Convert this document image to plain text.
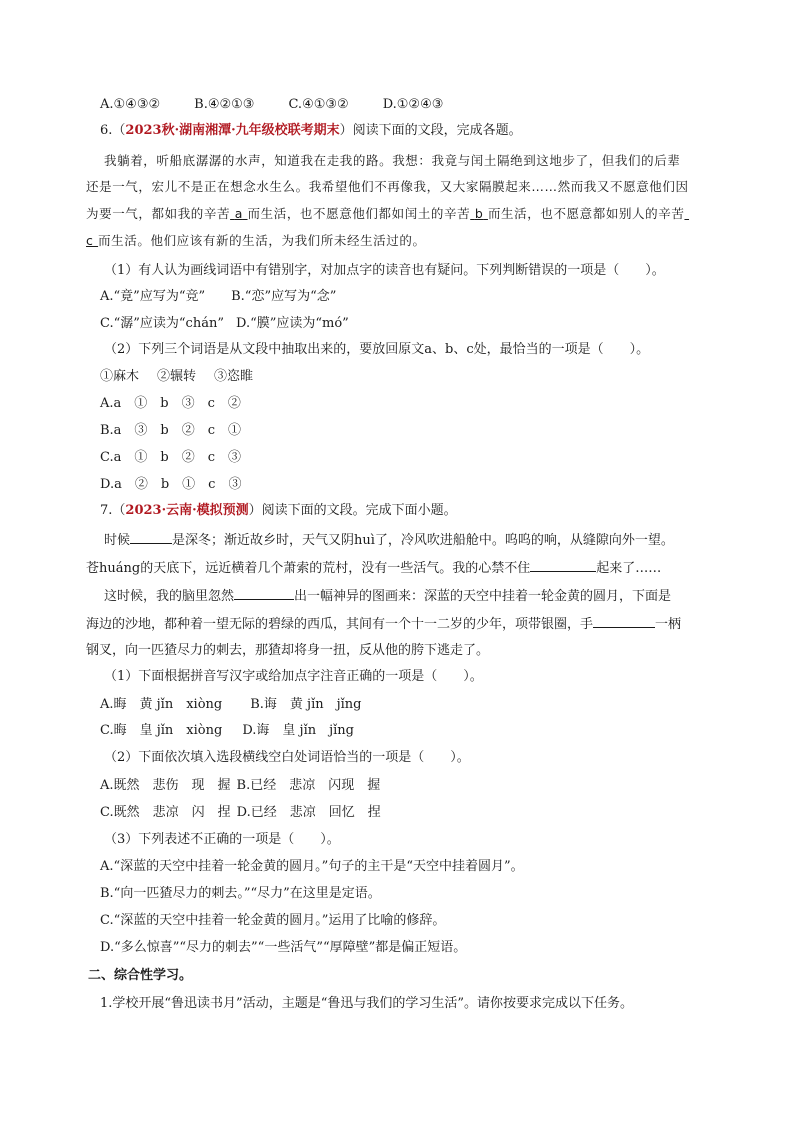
A.①④③②	B.④②①③	C.④①③②	D.①②④③
6.（2023秋·湖南湘潭·九年级校联考期末）阅读下面的文段，完成各题。
我躺着，听船底潺潺的水声，知道我在走我的路。我想：我竟与闰土隔绝到这地步了，但我们的后辈
还是一气，宏儿不是正在想念水生么。我希望他们不再像我，又大家隔膜起来……然而我又不愿意他们因
为要一气，都如我的辛苦 a 而生活，也不愿意他们都如闰土的辛苦 b 而生活，也不愿意都如别人的辛苦
c 而生活。他们应该有新的生活，为我们所未经生活过的。
（1）有人认为画线词语中有错别字，对加点字的读音也有疑问。下列判断错误的一项是（　　）。
A.“竟”应写为“竞” B.“恋”应写为“念”
C.“潺”应读为“chán” D.“膜”应读为“mó”
（2）下列三个词语是从文段中抽取出来的，要放回原文a、b、c处，最恰当的一项是（　　）。
①麻木 ②辗转 ③恣睢
A.a　①　b　③　c　②
B.a　③　b　②　c　①
C.a　①　b　②　c　③
D.a　②　b　①　c　③
7.（2023·云南·模拟预测）阅读下面的文段。完成下面小题。
时候	是深冬；渐近故乡时，天气又阴huì了，冷风吹进船舱中。呜呜的响，从缝隙向外一望。
苍huáng的天底下，远近横着几个萧索的荒村，没有一些活气。我的心禁不住	起来了……
这时候，我的脑里忽然	出一幅神异的图画来：深蓝的天空中挂着一轮金黄的圆月，下面是
海边的沙地，都种着一望无际的碧绿的西瓜，其间有一个十一二岁的少年，项带银圈，手	一柄
钢叉，向一匹猹尽力的刺去，那猹却将身一扭，反从他的胯下逃走了。
（1）下面根据拼音写汉字或给加点字注音正确的一项是（　　）。
A.晦　黄 jǐn　xiòng B.诲　黄 jǐn　jǐng
C.晦　皇 jǐn　xiòng D.诲　皇 jǐn　jǐng
（2）下面依次填入选段横线空白处词语恰当的一项是（　　）。
A.既然　悲伤　现　握 B.已经　悲凉　闪现　握
C.既然　悲凉　闪　捏 D.已经　悲凉　回忆　捏
（3）下列表述不正确的一项是（　　）。
A.“深蓝的天空中挂着一轮金黄的圆月。”句子的主干是“天空中挂着圆月”。
B.“向一匹猹尽力的刺去。”“尽力”在这里是定语。
C.“深蓝的天空中挂着一轮金黄的圆月。”运用了比喻的修辞。
D.“多么惊喜”“尽力的刺去”“一些活气”“厚障壁”都是偏正短语。
二、综合性学习。
1.学校开展“鲁迅读书月”活动，主题是“鲁迅与我们的学习生活”。请你按要求完成以下任务。
